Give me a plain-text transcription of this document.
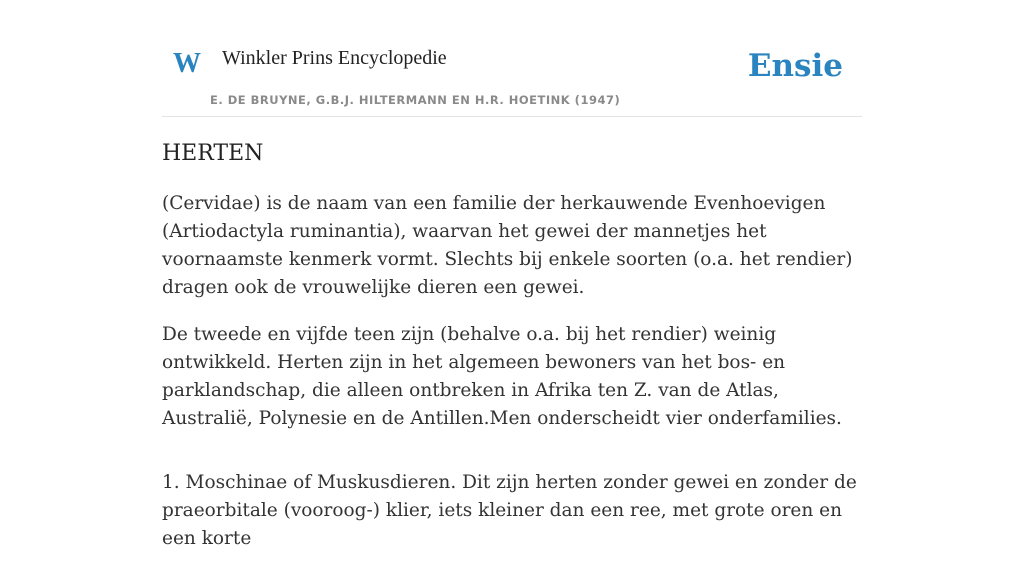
W Winkler Prins Encyclopedie
E. DE BRUYNE, G.B.J. HILTERMANN EN H.R. HOETINK (1947)
Ensie
HERTEN

(Cervidae) is de naam van een familie der herkauwende Evenhoevigen (Artiodactyla ruminantia), waarvan het gewei der mannetjes het voornaamste kenmerk vormt. Slechts bij enkele soorten (o.a. het rendier) dragen ook de vrouwelijke dieren een gewei.

De tweede en vijfde teen zijn (behalve o.a. bij het rendier) weinig ontwikkeld. Herten zijn in het algemeen bewoners van het bos- en parklandschap, die alleen ontbreken in Afrika ten Z. van de Atlas, Australië, Polynesie en de Antillen.Men onderscheidt vier onderfamilies.

1. Moschinae of Muskusdieren. Dit zijn herten zonder gewei en zonder de praeorbitale (vooroog-) klier, iets kleiner dan een ree, met grote oren en een korte
